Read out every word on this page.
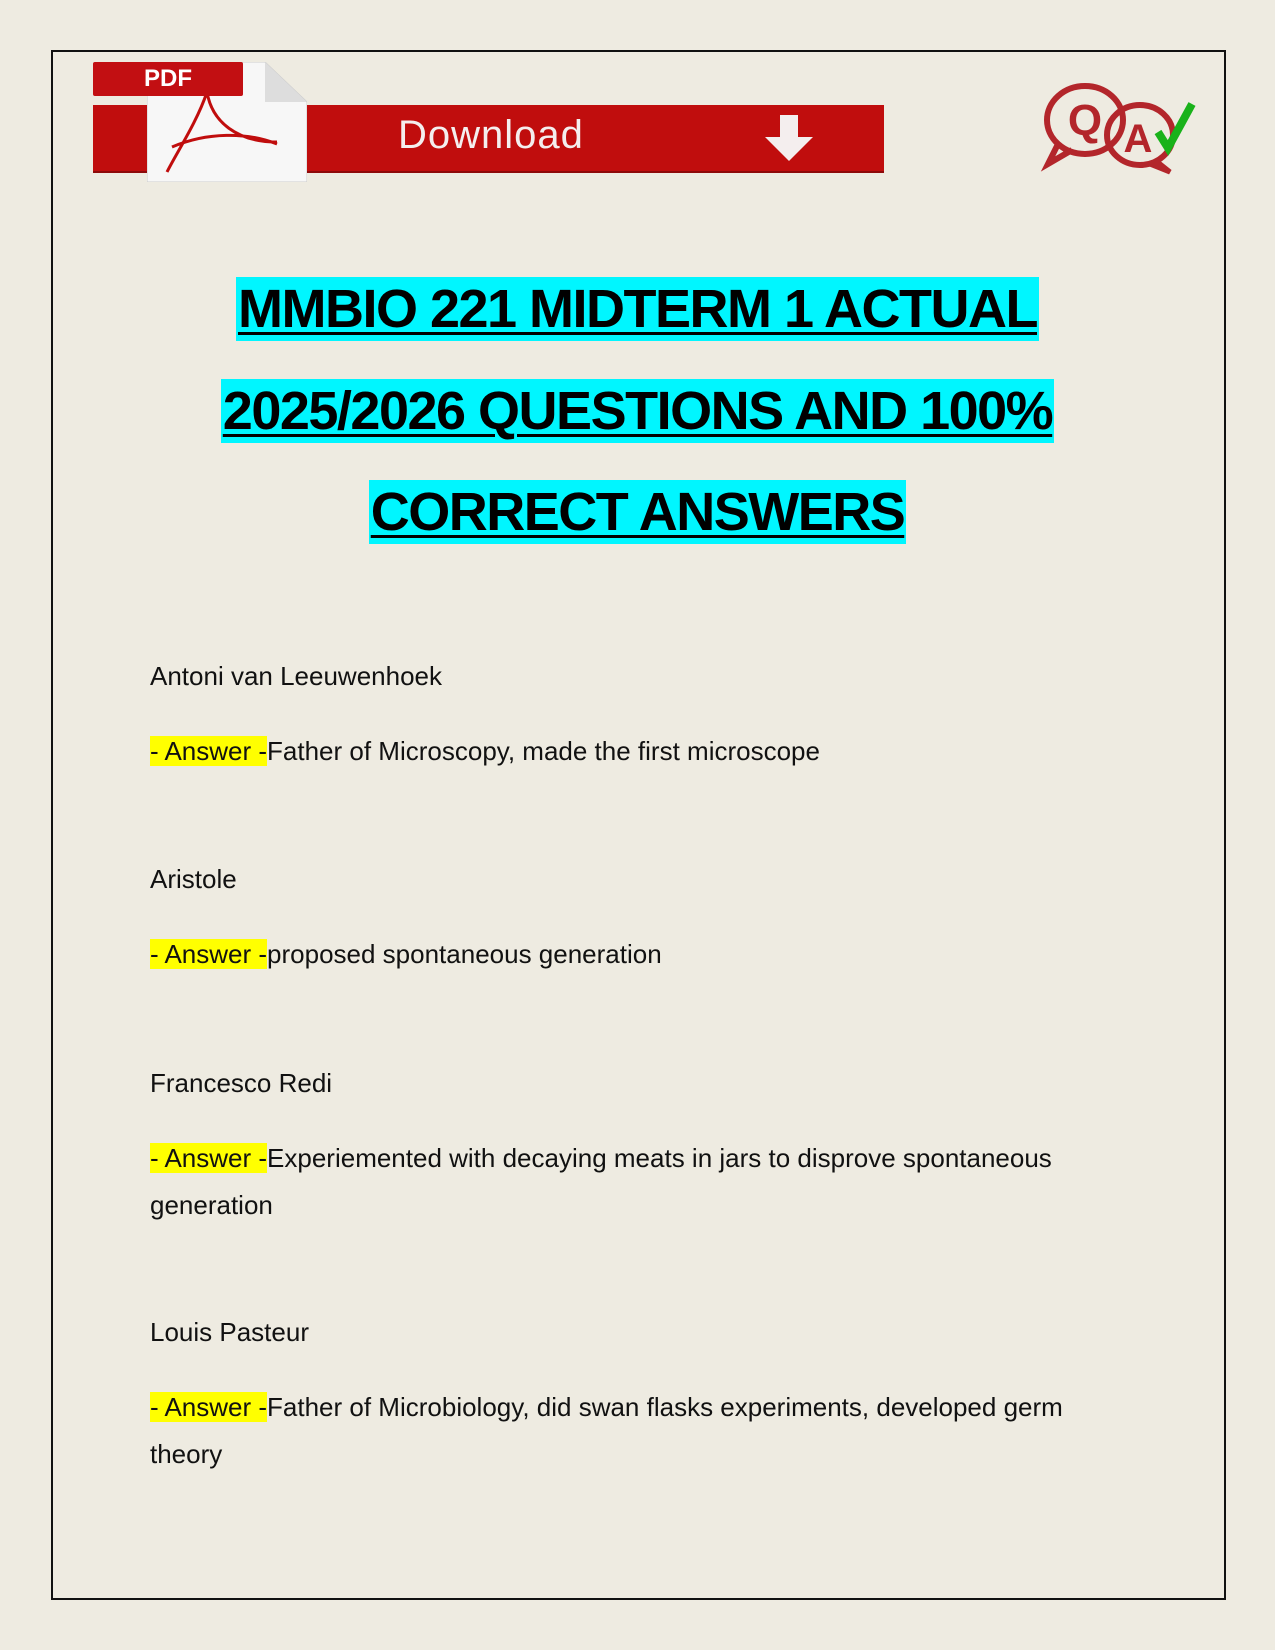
Download
PDF
Q A
MMBIO 221 MIDTERM 1 ACTUAL
2025/2026 QUESTIONS AND 100%
CORRECT ANSWERS
Antoni van Leeuwenhoek
- Answer -Father of Microscopy, made the first microscope
Aristole
- Answer -proposed spontaneous generation
Francesco Redi
- Answer -Experiemented with decaying meats in jars to disprove spontaneous generation
Louis Pasteur
- Answer -Father of Microbiology, did swan flasks experiments, developed germ theory
